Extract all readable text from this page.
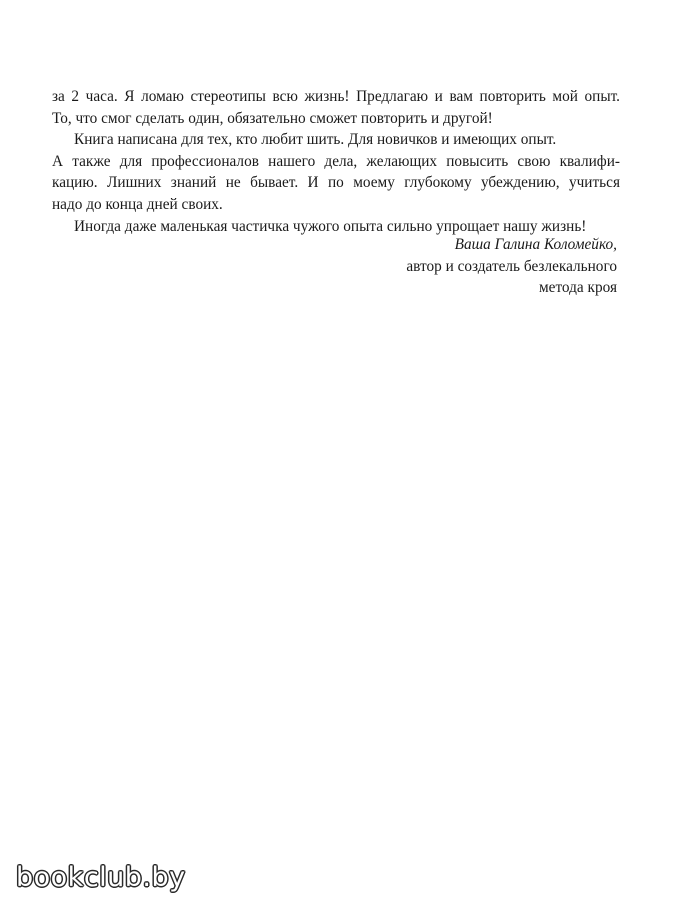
за 2 часа. Я ломаю стереотипы всю жизнь! Предлагаю и вам повторить мой опыт.
То, что смог сделать один, обязательно сможет повторить и другой!

Книга написана для тех, кто любит шить. Для новичков и имеющих опыт.
А также для профессионалов нашего дела, желающих повысить свою квалифи-
кацию. Лишних знаний не бывает. И по моему глубокому убеждению, учиться
надо до конца дней своих.

Иногда даже маленькая частичка чужого опыта сильно упрощает нашу жизнь!

Ваша Галина Коломейко,
автор и создатель безлекального
метода кроя
bookclub.by
